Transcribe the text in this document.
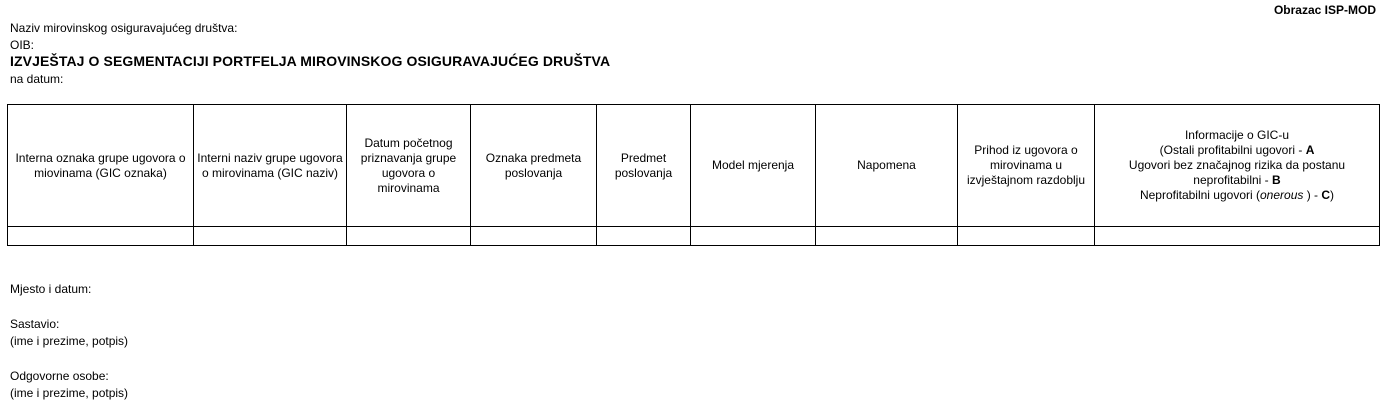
Obrazac ISP-MOD
Naziv mirovinskog osiguravajućeg društva:
OIB:
IZVJEŠTAJ O SEGMENTACIJI PORTFELJA MIROVINSKOG OSIGURAVAJUĆEG DRUŠTVA
na datum:
Interna oznaka grupe ugovora o miovinama (GIC oznaka)	Interni naziv grupe ugovora o mirovinama (GIC naziv)	Datum početnog priznavanja grupe ugovora o mirovinama	Oznaka predmeta poslovanja	Predmet poslovanja	Model mjerenja	Napomena	Prihod iz ugovora o mirovinama u izvještajnom razdoblju	Informacije o GIC-u
(Ostali profitabilni ugovori - A
Ugovori bez značajnog rizika da postanu
neprofitabilni - B
Neprofitabilni ugovori (onerous ) - C)

Mjesto i datum:
Sastavio:
(ime i prezime, potpis)
Odgovorne osobe:
(ime i prezime, potpis)
